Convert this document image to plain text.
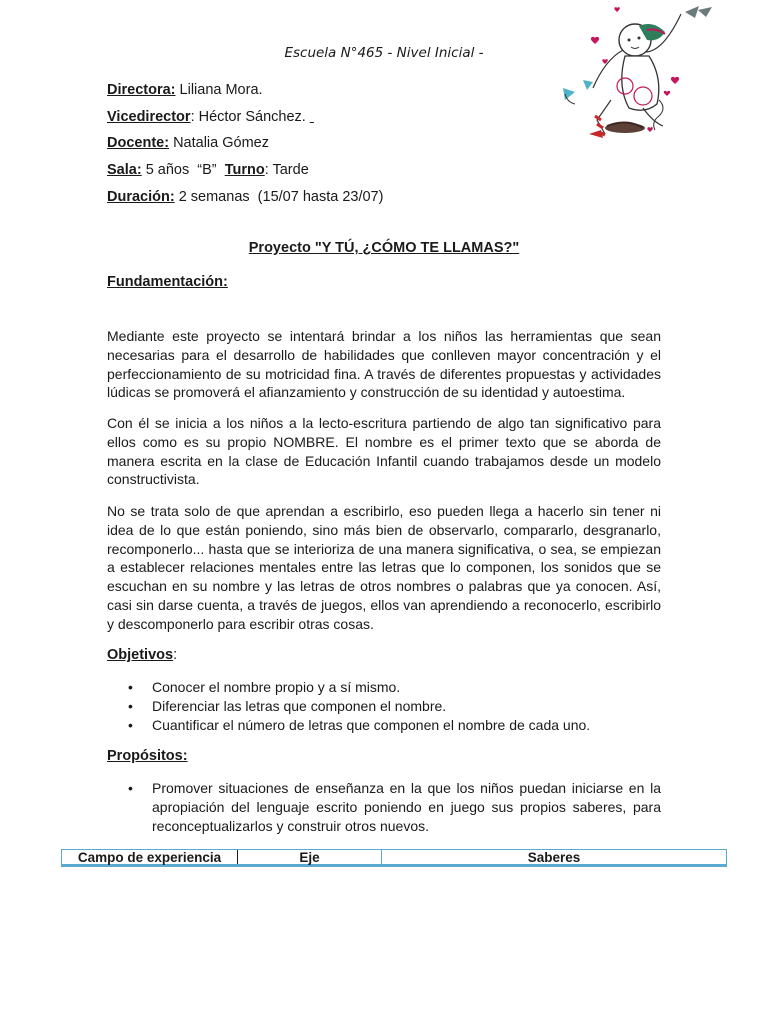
Escuela N°465 - Nivel Inicial -
Directora: Liliana Mora.
Vicedirector: Héctor Sánchez.
Docente: Natalia Gómez
Sala: 5 años  “B”  Turno: Tarde
Duración: 2 semanas  (15/07 hasta 23/07)
Proyecto "Y TÚ, ¿CÓMO TE LLAMAS?"
Fundamentación:

Mediante este proyecto se intentará brindar a los niños las herramientas que sean necesarias para el desarrollo de habilidades que conlleven mayor concentración y el perfeccionamiento de su motricidad fina. A través de diferentes propuestas y actividades lúdicas se promoverá el afianzamiento y construcción de su identidad y autoestima.

Con él se inicia a los niños a la lecto-escritura partiendo de algo tan significativo para ellos como es su propio NOMBRE. El nombre es el primer texto que se aborda de manera escrita en la clase de Educación Infantil cuando trabajamos desde un modelo constructivista.

No se trata solo de que aprendan a escribirlo, eso pueden llega a hacerlo sin tener ni idea de lo que están poniendo, sino más bien de observarlo, compararlo, desgranarlo, recomponerlo... hasta que se interioriza de una manera significativa, o sea, se empiezan a establecer relaciones mentales entre las letras que lo componen, los sonidos que se escuchan en su nombre y las letras de otros nombres o palabras que ya conocen. Así, casi sin darse cuenta, a través de juegos, ellos van aprendiendo a reconocerlo, escribirlo y descomponerlo para escribir otras cosas.

Objetivos:
• Conocer el nombre propio y a sí mismo.
• Diferenciar las letras que componen el nombre.
• Cuantificar el número de letras que componen el nombre de cada uno.
Propósitos:
• Promover situaciones de enseñanza en la que los niños puedan iniciarse en la apropiación del lenguaje escrito poniendo en juego sus propios saberes, para reconceptualizarlos y construir otros nuevos.
Campo de experiencia	Eje	Saberes
